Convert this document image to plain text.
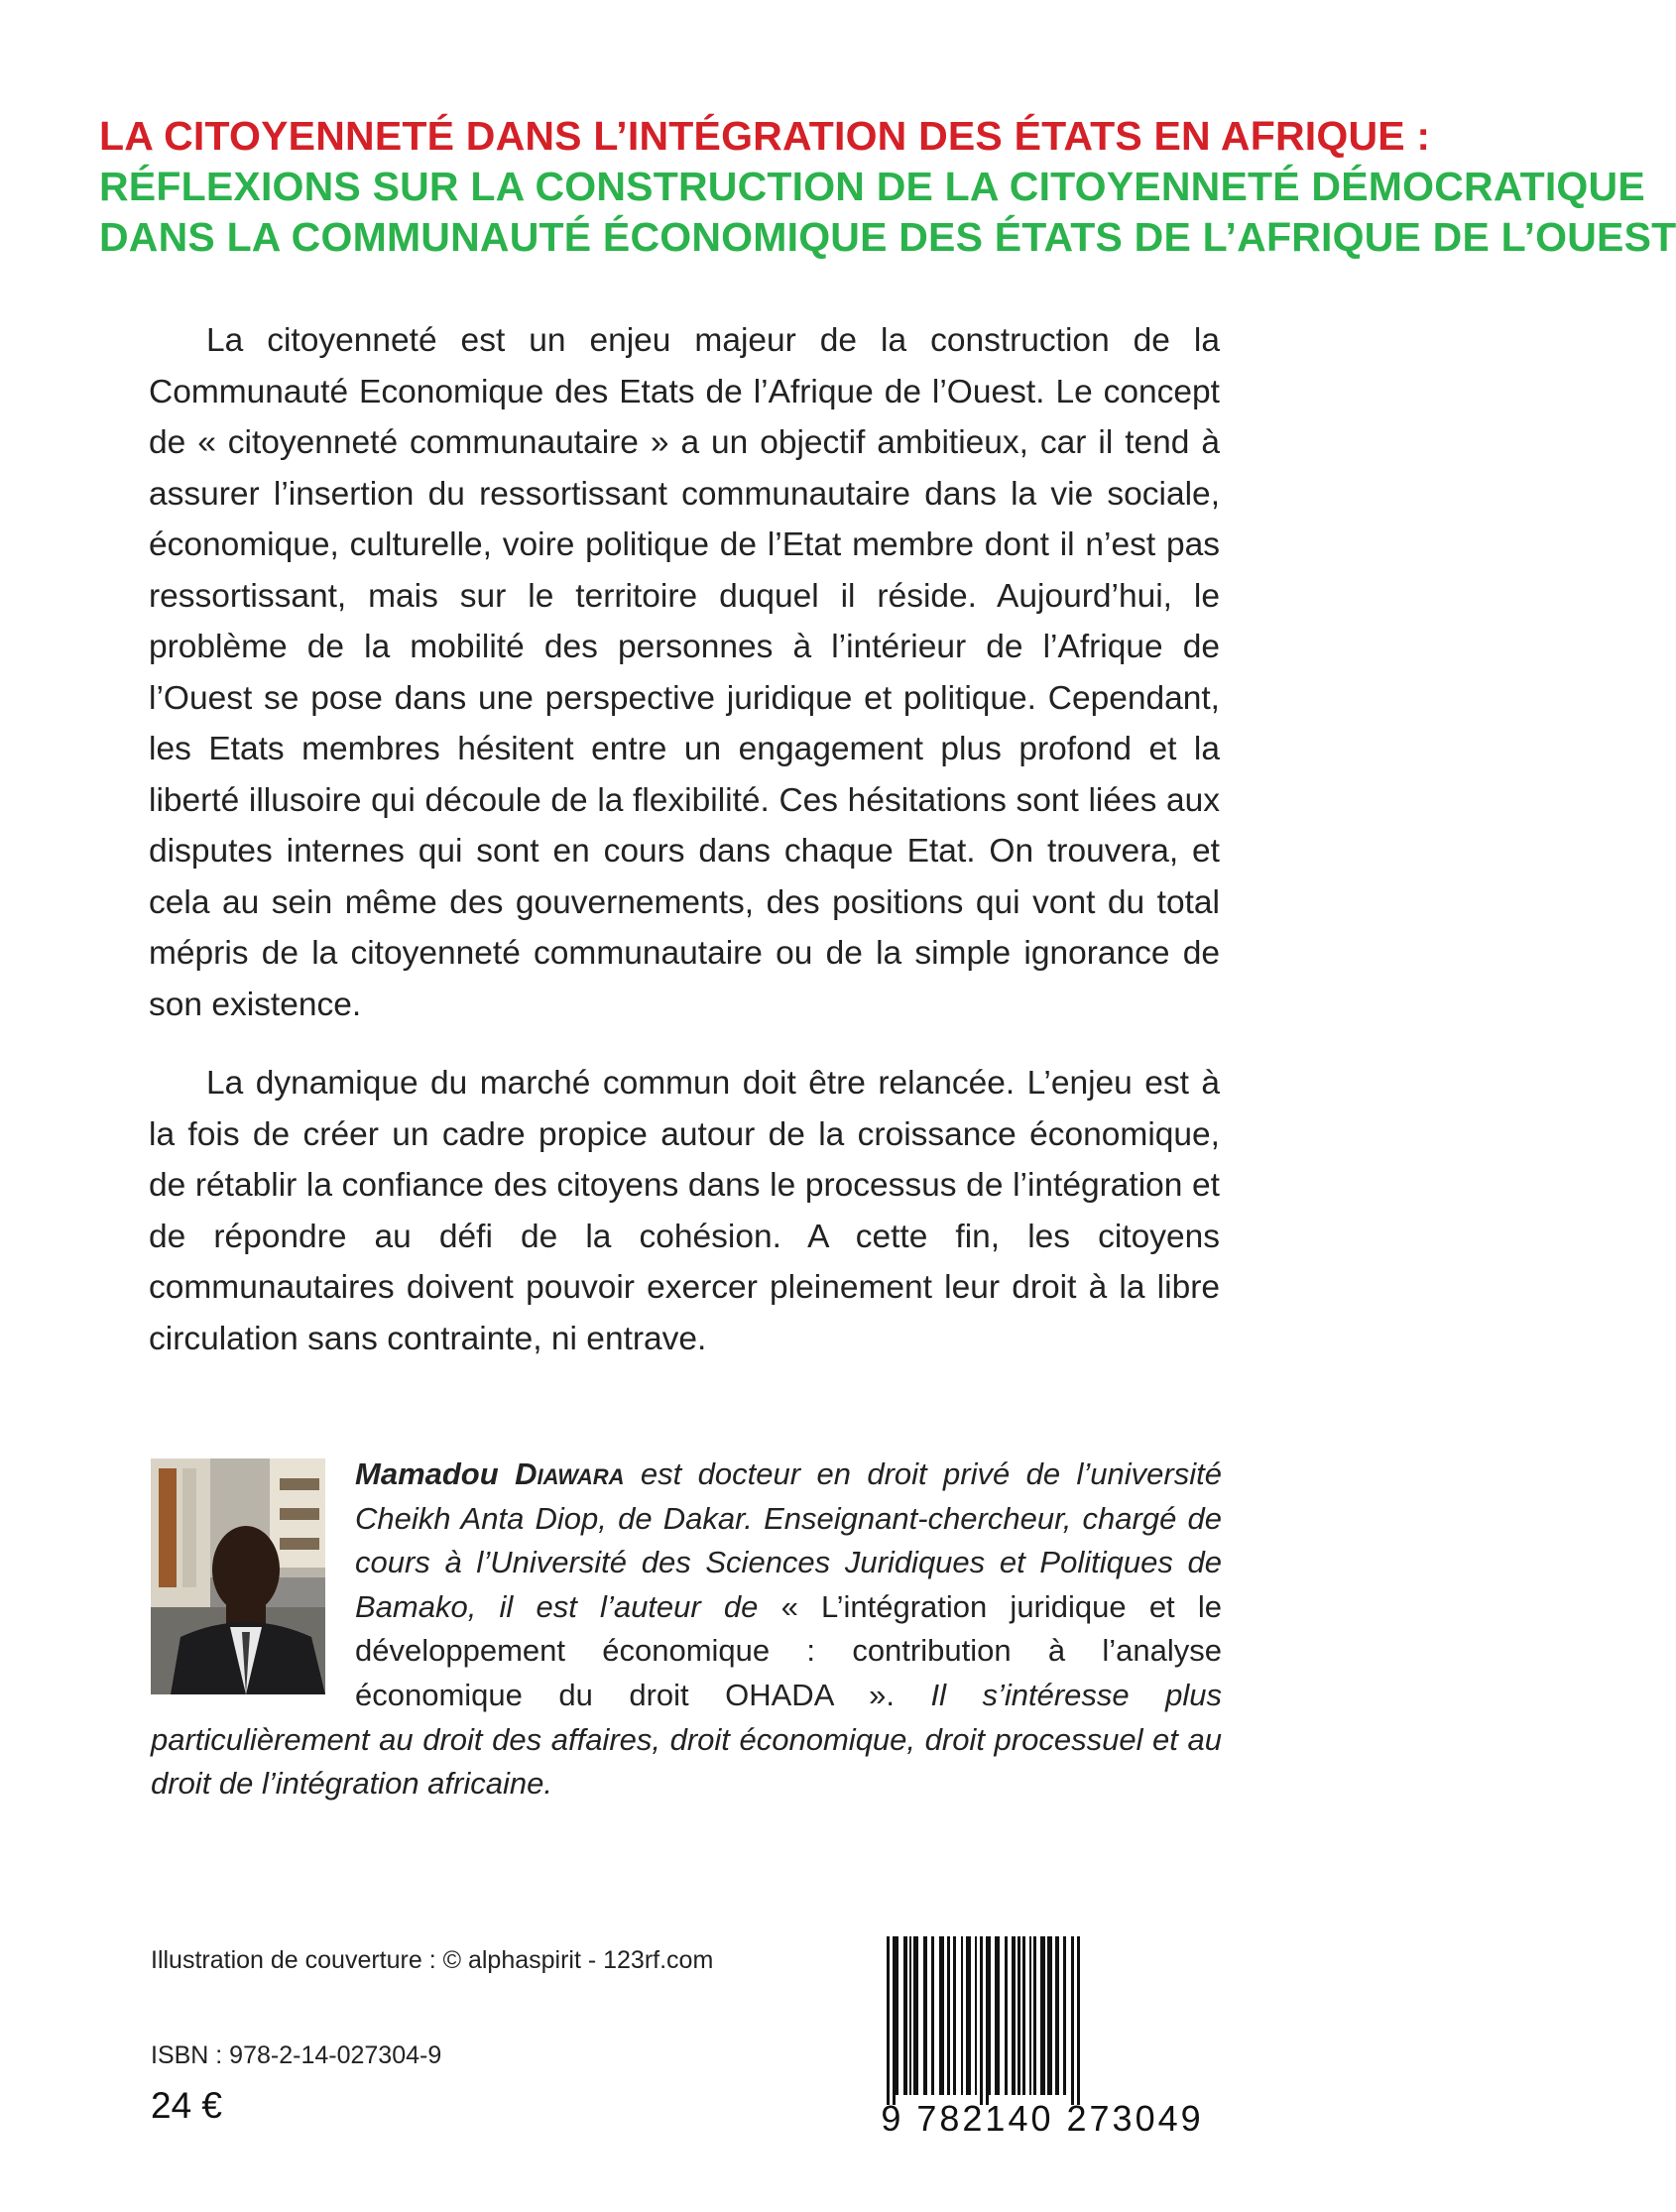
LA CITOYENNETÉ DANS L’INTÉGRATION DES ÉTATS EN AFRIQUE :
RÉFLEXIONS SUR LA CONSTRUCTION DE LA CITOYENNETÉ DÉMOCRATIQUE
DANS LA COMMUNAUTÉ ÉCONOMIQUE DES ÉTATS DE L’AFRIQUE DE L’OUEST

La citoyenneté est un enjeu majeur de la construction de la Communauté Economique des Etats de l’Afrique de l’Ouest. Le concept de « citoyenneté communautaire » a un objectif ambitieux, car il tend à assurer l’insertion du ressortissant communautaire dans la vie sociale, économique, culturelle, voire politique de l’Etat membre dont il n’est pas ressortissant, mais sur le territoire duquel il réside. Aujourd’hui, le problème de la mobilité des personnes à l’intérieur de l’Afrique de l’Ouest se pose dans une perspective juridique et politique. Cependant, les Etats membres hésitent entre un engagement plus profond et la liberté illusoire qui découle de la flexibilité. Ces hésitations sont liées aux disputes internes qui sont en cours dans chaque Etat. On trouvera, et cela au sein même des gouvernements, des positions qui vont du total mépris de la citoyenneté communautaire ou de la simple ignorance de son existence.

La dynamique du marché commun doit être relancée. L’enjeu est à la fois de créer un cadre propice autour de la croissance économique, de rétablir la confiance des citoyens dans le processus de l’intégration et de répondre au défi de la cohésion. A cette fin, les citoyens communautaires doivent pouvoir exercer pleinement leur droit à la libre circulation sans contrainte, ni entrave.

Mamadou Diawara est docteur en droit privé de l’université Cheikh Anta Diop, de Dakar. Enseignant-chercheur, chargé de cours à l’Université des Sciences Juridiques et Politiques de Bamako, il est l’auteur de « L’intégration juridique et le développement économique : contribution à l’analyse économique du droit OHADA ». Il s’intéresse plus particulièrement au droit des affaires, droit économique, droit processuel et au droit de l’intégration africaine.
Illustration de couverture : © alphaspirit - 123rf.com
ISBN : 978-2-14-027304-9
24 €	9 782140 273049
